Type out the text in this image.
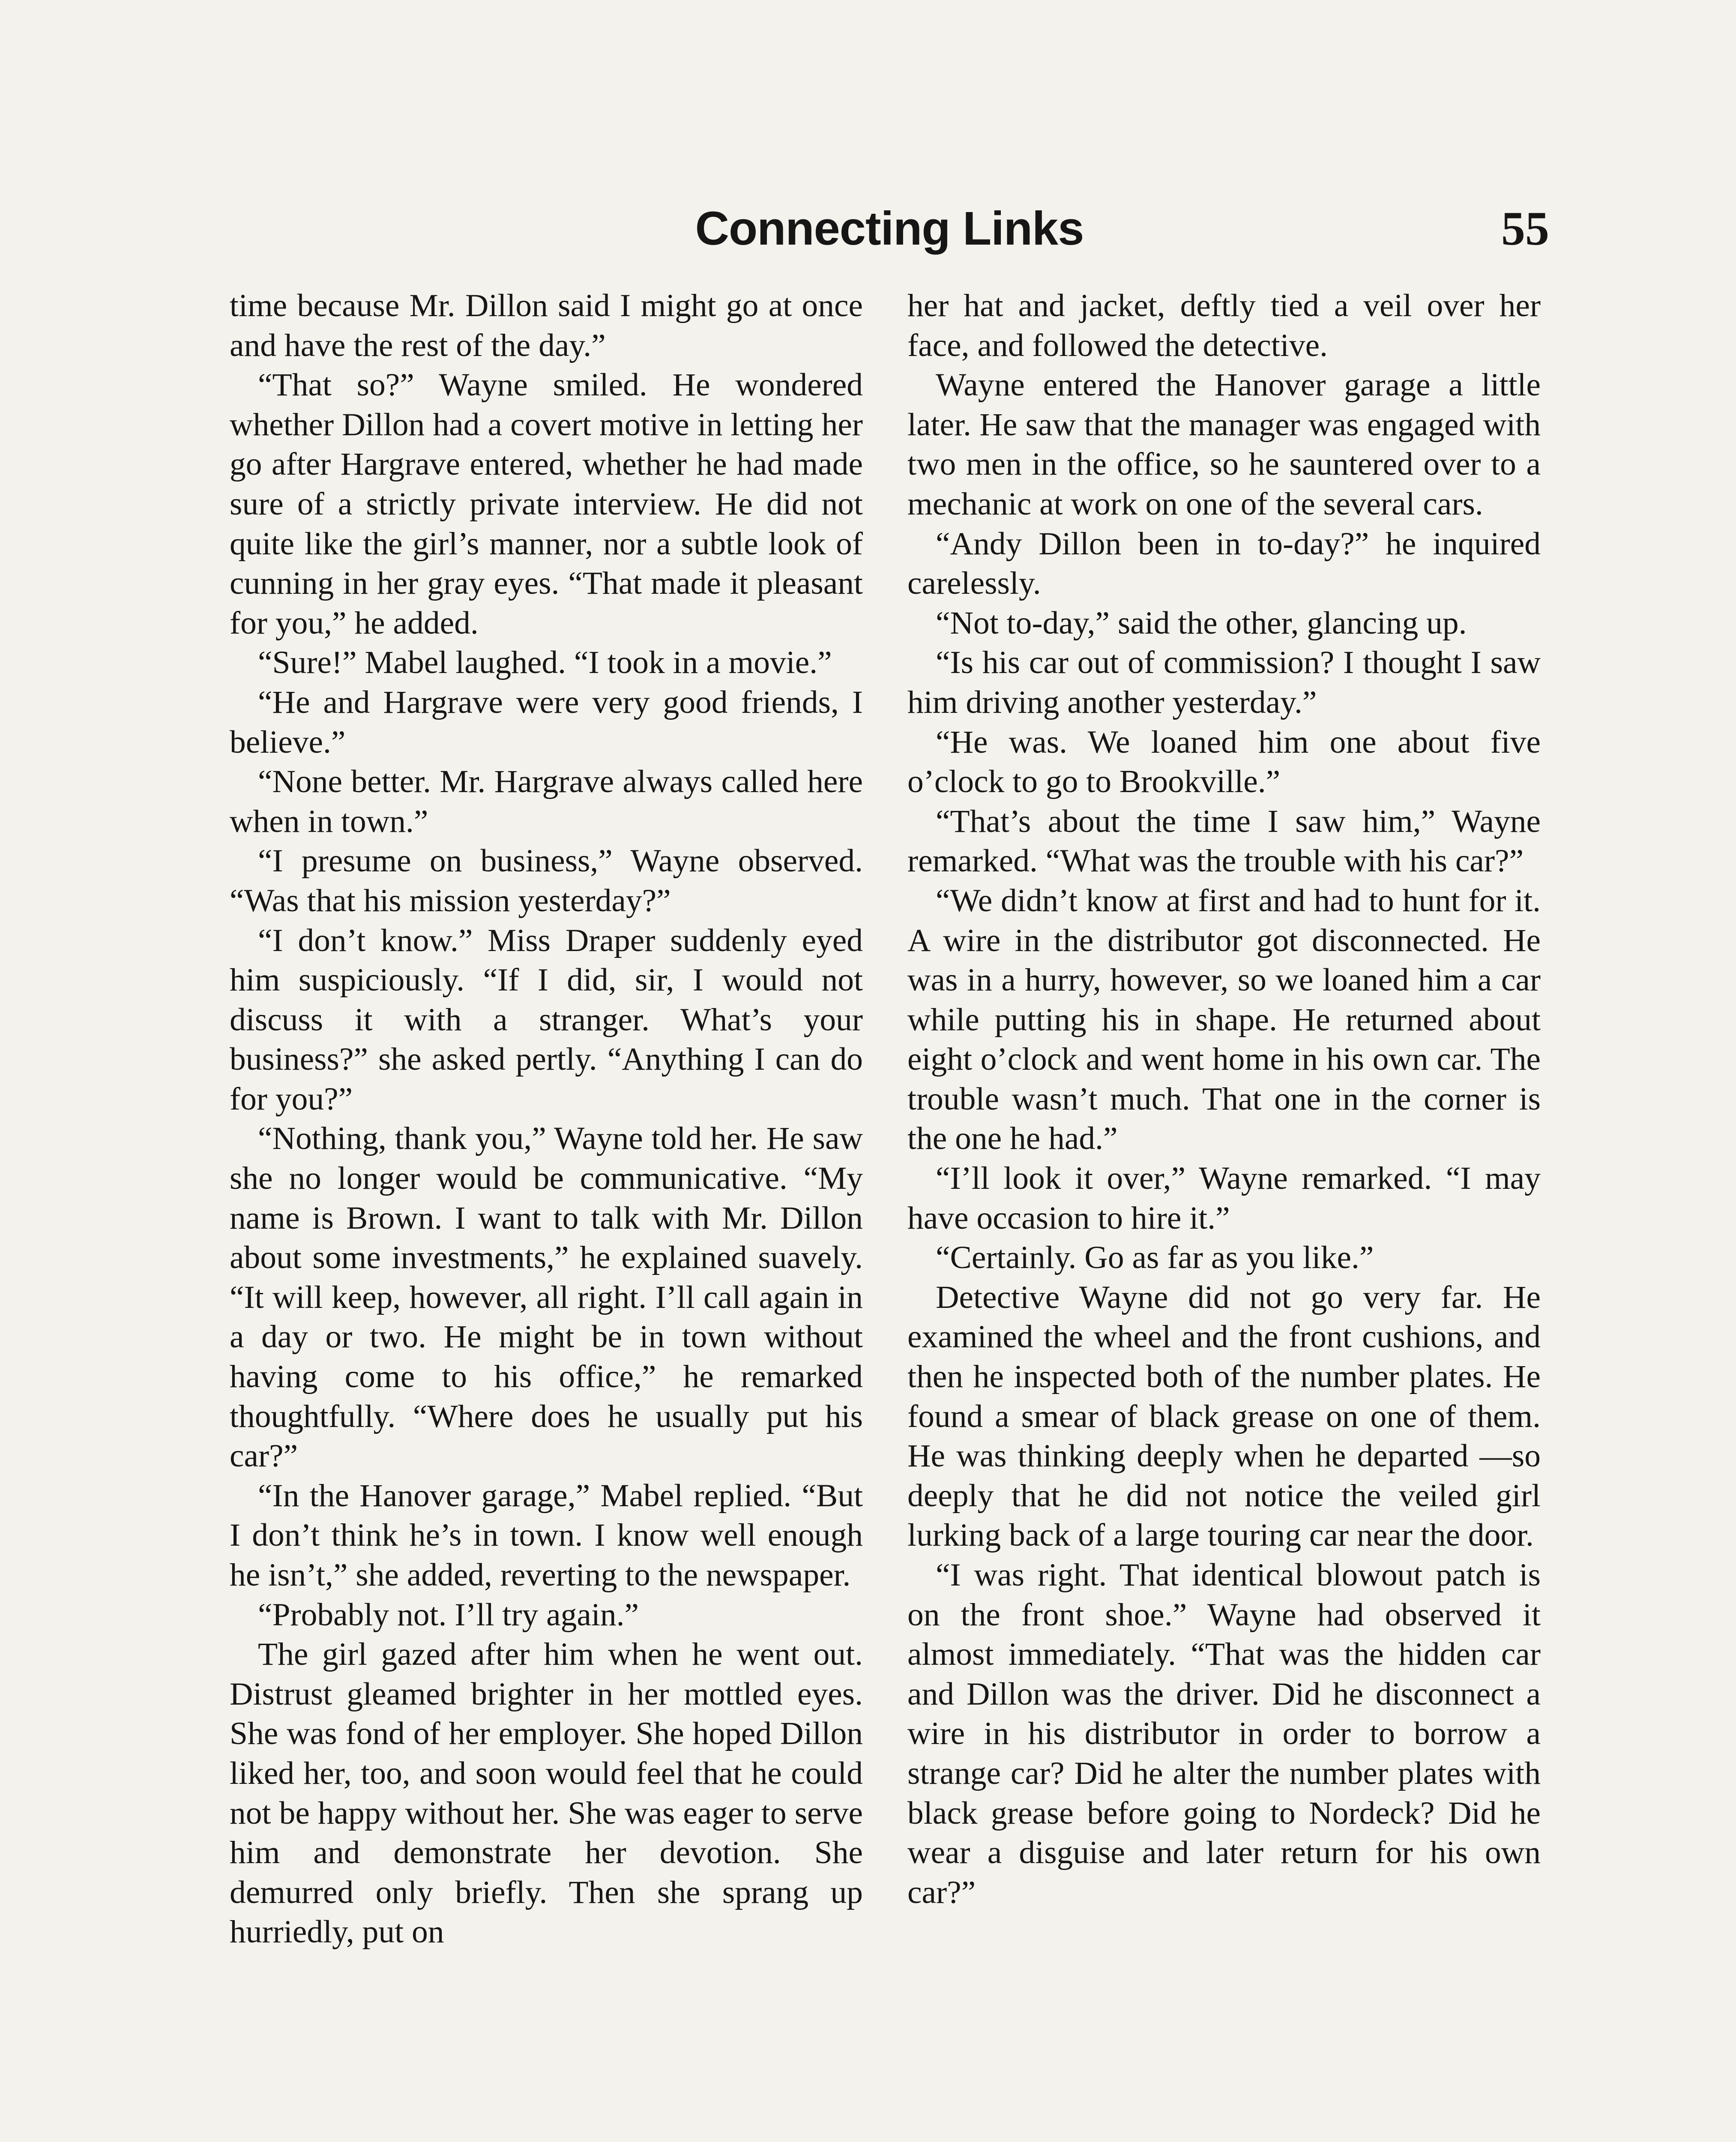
Connecting Links	55

time because Mr. Dillon said I might go at once and have the rest of the day.”

“That so?” Wayne smiled. He wondered whether Dillon had a covert motive in letting her go after Hargrave entered, whether he had made sure of a strictly private interview. He did not quite like the girl’s manner, nor a subtle look of cunning in her gray eyes. “That made it pleasant for you,” he added.

“Sure!” Mabel laughed. “I took in a movie.”

“He and Hargrave were very good friends, I believe.”

“None better. Mr. Hargrave always called here when in town.”

“I presume on business,” Wayne observed. “Was that his mission yesterday?”

“I don’t know.” Miss Draper suddenly eyed him suspiciously. “If I did, sir, I would not discuss it with a stranger. What’s your business?” she asked pertly. “Anything I can do for you?”

“Nothing, thank you,” Wayne told her. He saw she no longer would be communicative. “My name is Brown. I want to talk with Mr. Dillon about some investments,” he explained suavely. “It will keep, however, all right. I’ll call again in a day or two. He might be in town without having come to his office,” he remarked thoughtfully. “Where does he usually put his car?”

“In the Hanover garage,” Mabel replied. “But I don’t think he’s in town. I know well enough he isn’t,” she added, reverting to the newspaper.

“Probably not. I’ll try again.”

The girl gazed after him when he went out. Distrust gleamed brighter in her mottled eyes. She was fond of her employer. She hoped Dillon liked her, too, and soon would feel that he could not be happy without her. She was eager to serve him and demonstrate her devotion. She demurred only briefly. Then she sprang up hurriedly, put on

her hat and jacket, deftly tied a veil over her face, and followed the detective.

Wayne entered the Hanover garage a little later. He saw that the manager was engaged with two men in the office, so he sauntered over to a mechanic at work on one of the several cars.

“Andy Dillon been in to-day?” he inquired carelessly.

“Not to-day,” said the other, glancing up.

“Is his car out of commission? I thought I saw him driving another yesterday.”

“He was. We loaned him one about five o’clock to go to Brookville.”

“That’s about the time I saw him,” Wayne remarked. “What was the trouble with his car?”

“We didn’t know at first and had to hunt for it. A wire in the distributor got disconnected. He was in a hurry, however, so we loaned him a car while putting his in shape. He returned about eight o’clock and went home in his own car. The trouble wasn’t much. That one in the corner is the one he had.”

“I’ll look it over,” Wayne remarked. “I may have occasion to hire it.”

“Certainly. Go as far as you like.”

Detective Wayne did not go very far. He examined the wheel and the front cushions, and then he inspected both of the number plates. He found a smear of black grease on one of them. He was thinking deeply when he departed —so deeply that he did not notice the veiled girl lurking back of a large touring car near the door.

“I was right. That identical blowout patch is on the front shoe.” Wayne had observed it almost immediately. “That was the hidden car and Dillon was the driver. Did he disconnect a wire in his distributor in order to borrow a strange car? Did he alter the number plates with black grease before going to Nordeck? Did he wear a disguise and later return for his own car?”
